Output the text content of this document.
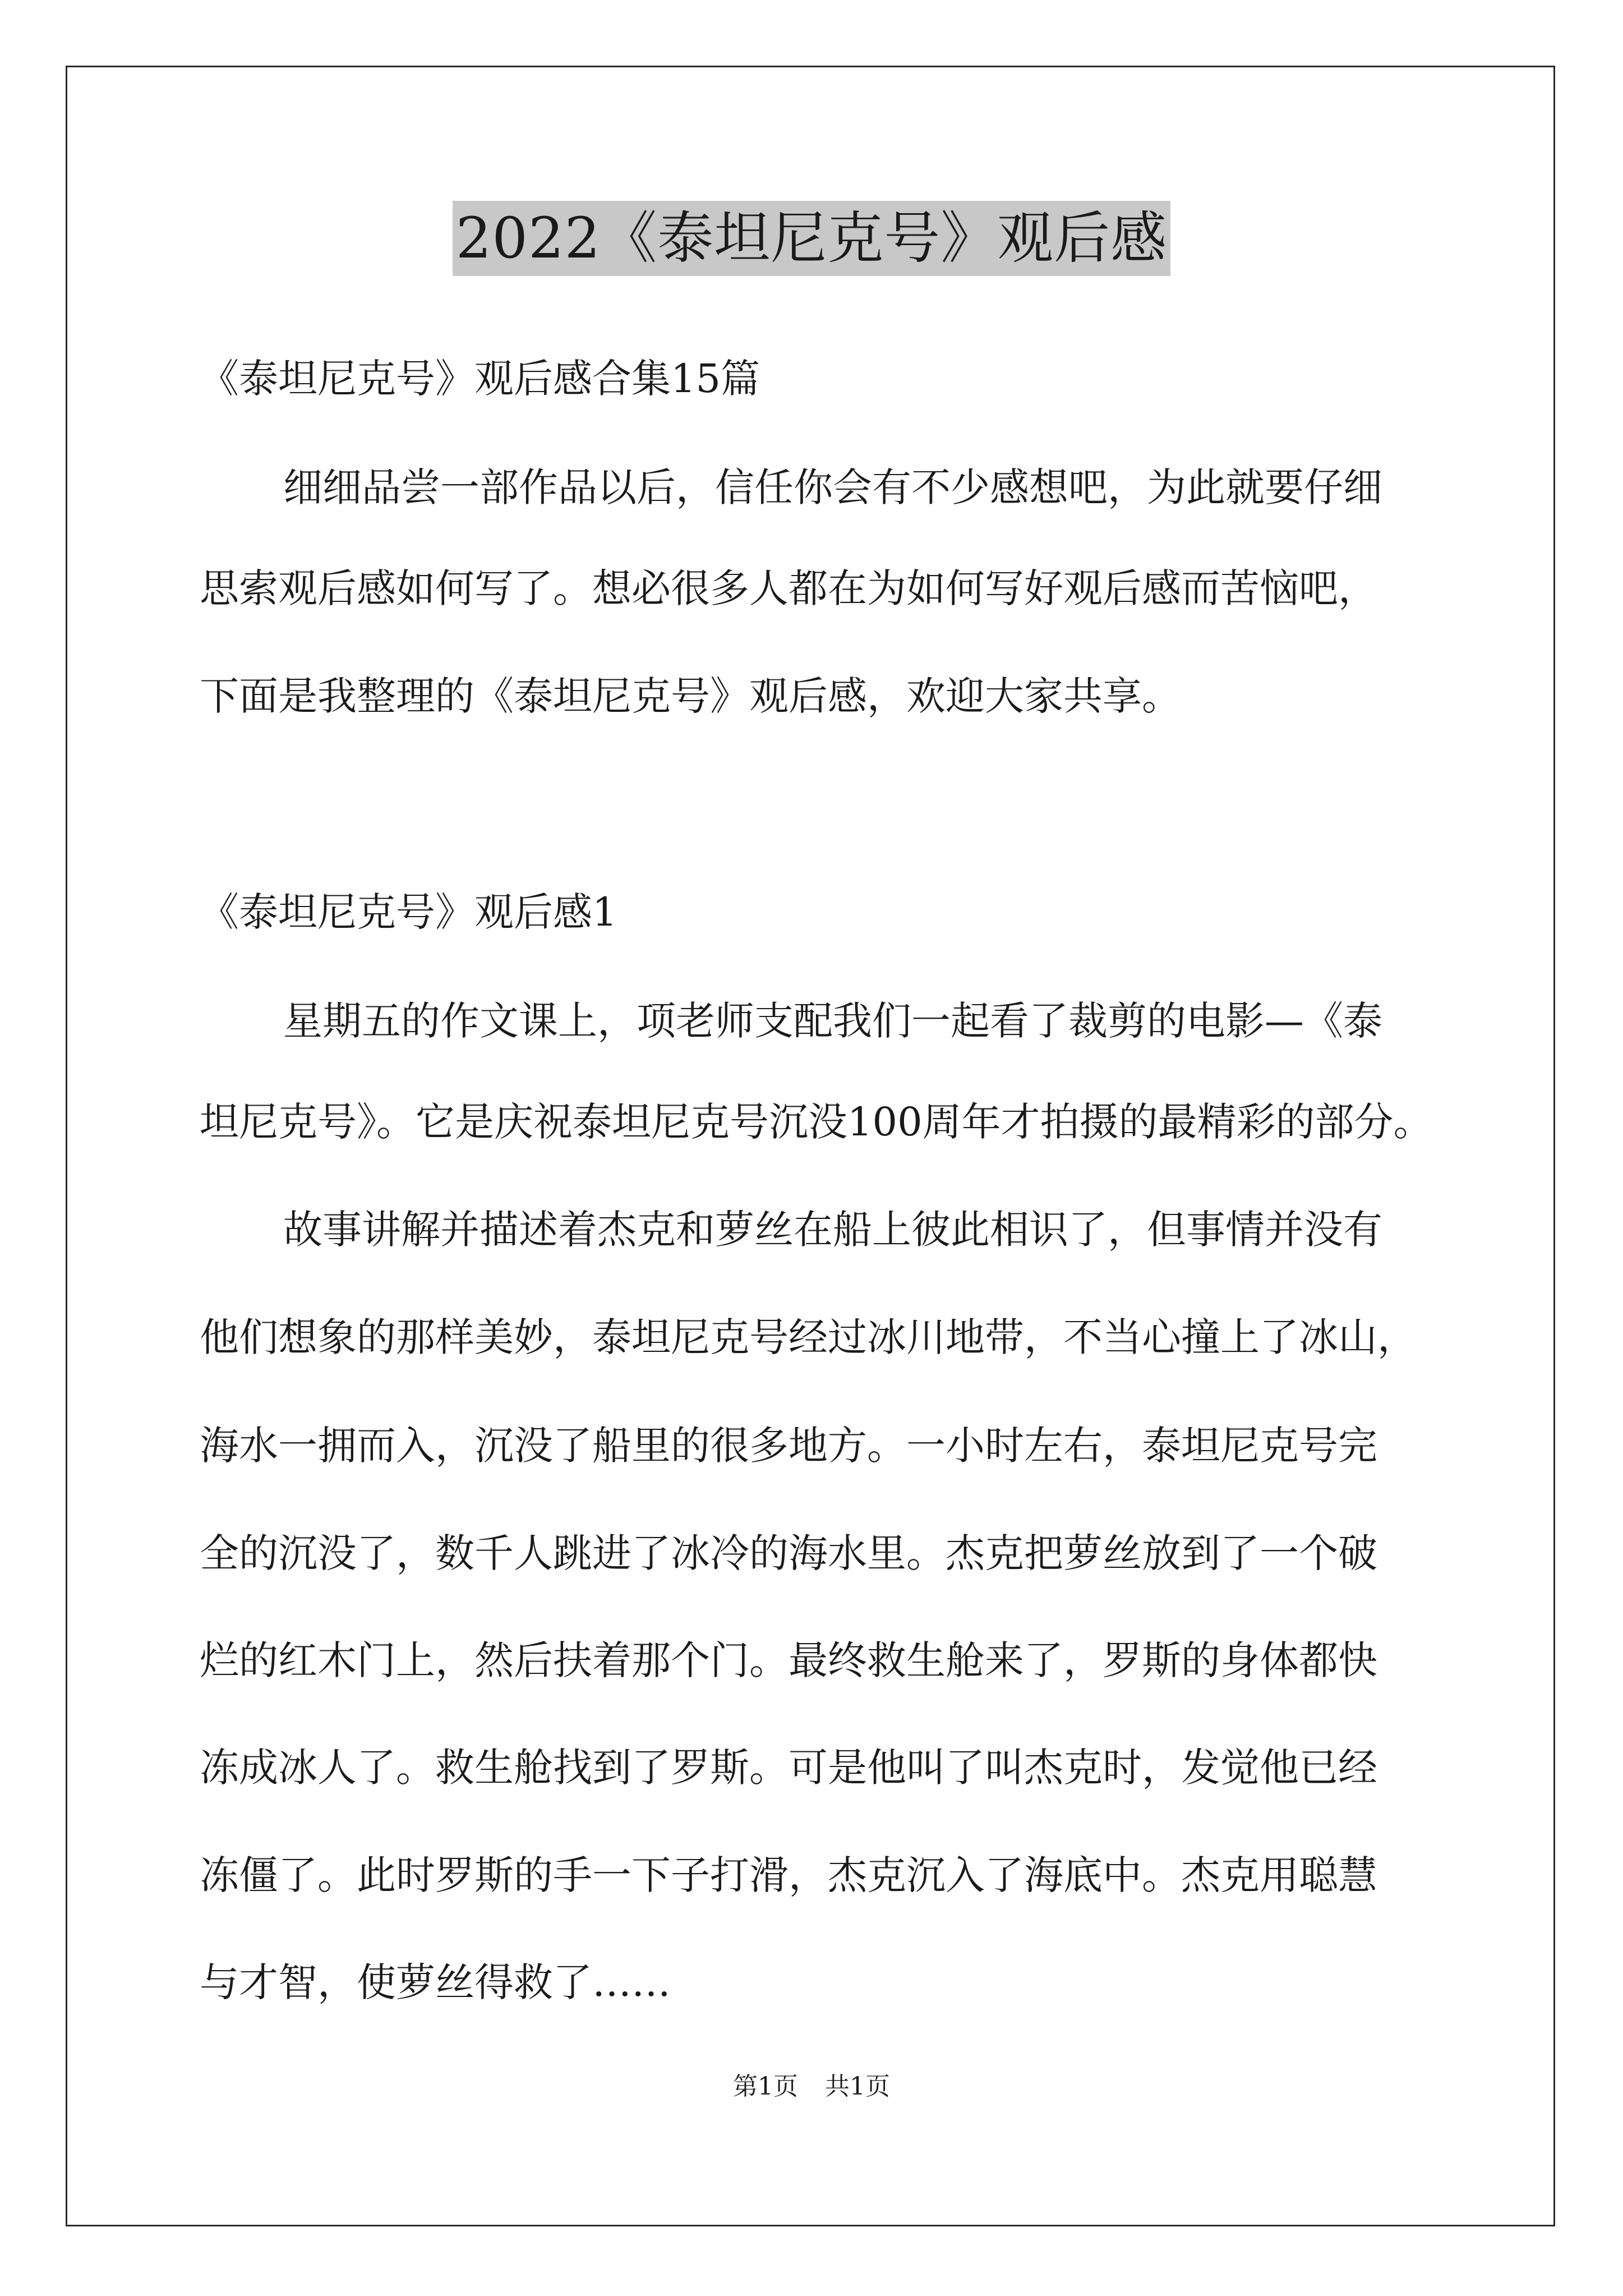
2022《泰坦尼克号》观后感
《泰坦尼克号》观后感合集15篇
细细品尝一部作品以后，信任你会有不少感想吧，为此就要仔细
思索观后感如何写了。想必很多人都在为如何写好观后感而苦恼吧，
下面是我整理的《泰坦尼克号》观后感，欢迎大家共享。
《泰坦尼克号》观后感1
星期五的作文课上，项老师支配我们一起看了裁剪的电影—《泰
坦尼克号》。它是庆祝泰坦尼克号沉没100周年才拍摄的最精彩的部分。
故事讲解并描述着杰克和萝丝在船上彼此相识了，但事情并没有
他们想象的那样美妙，泰坦尼克号经过冰川地带，不当心撞上了冰山，
海水一拥而入，沉没了船里的很多地方。一小时左右，泰坦尼克号完
全的沉没了，数千人跳进了冰冷的海水里。杰克把萝丝放到了一个破
烂的红木门上，然后扶着那个门。最终救生舱来了，罗斯的身体都快
冻成冰人了。救生舱找到了罗斯。可是他叫了叫杰克时，发觉他已经
冻僵了。此时罗斯的手一下子打滑，杰克沉入了海底中。杰克用聪慧
与才智，使萝丝得救了……
第1页 共1页
